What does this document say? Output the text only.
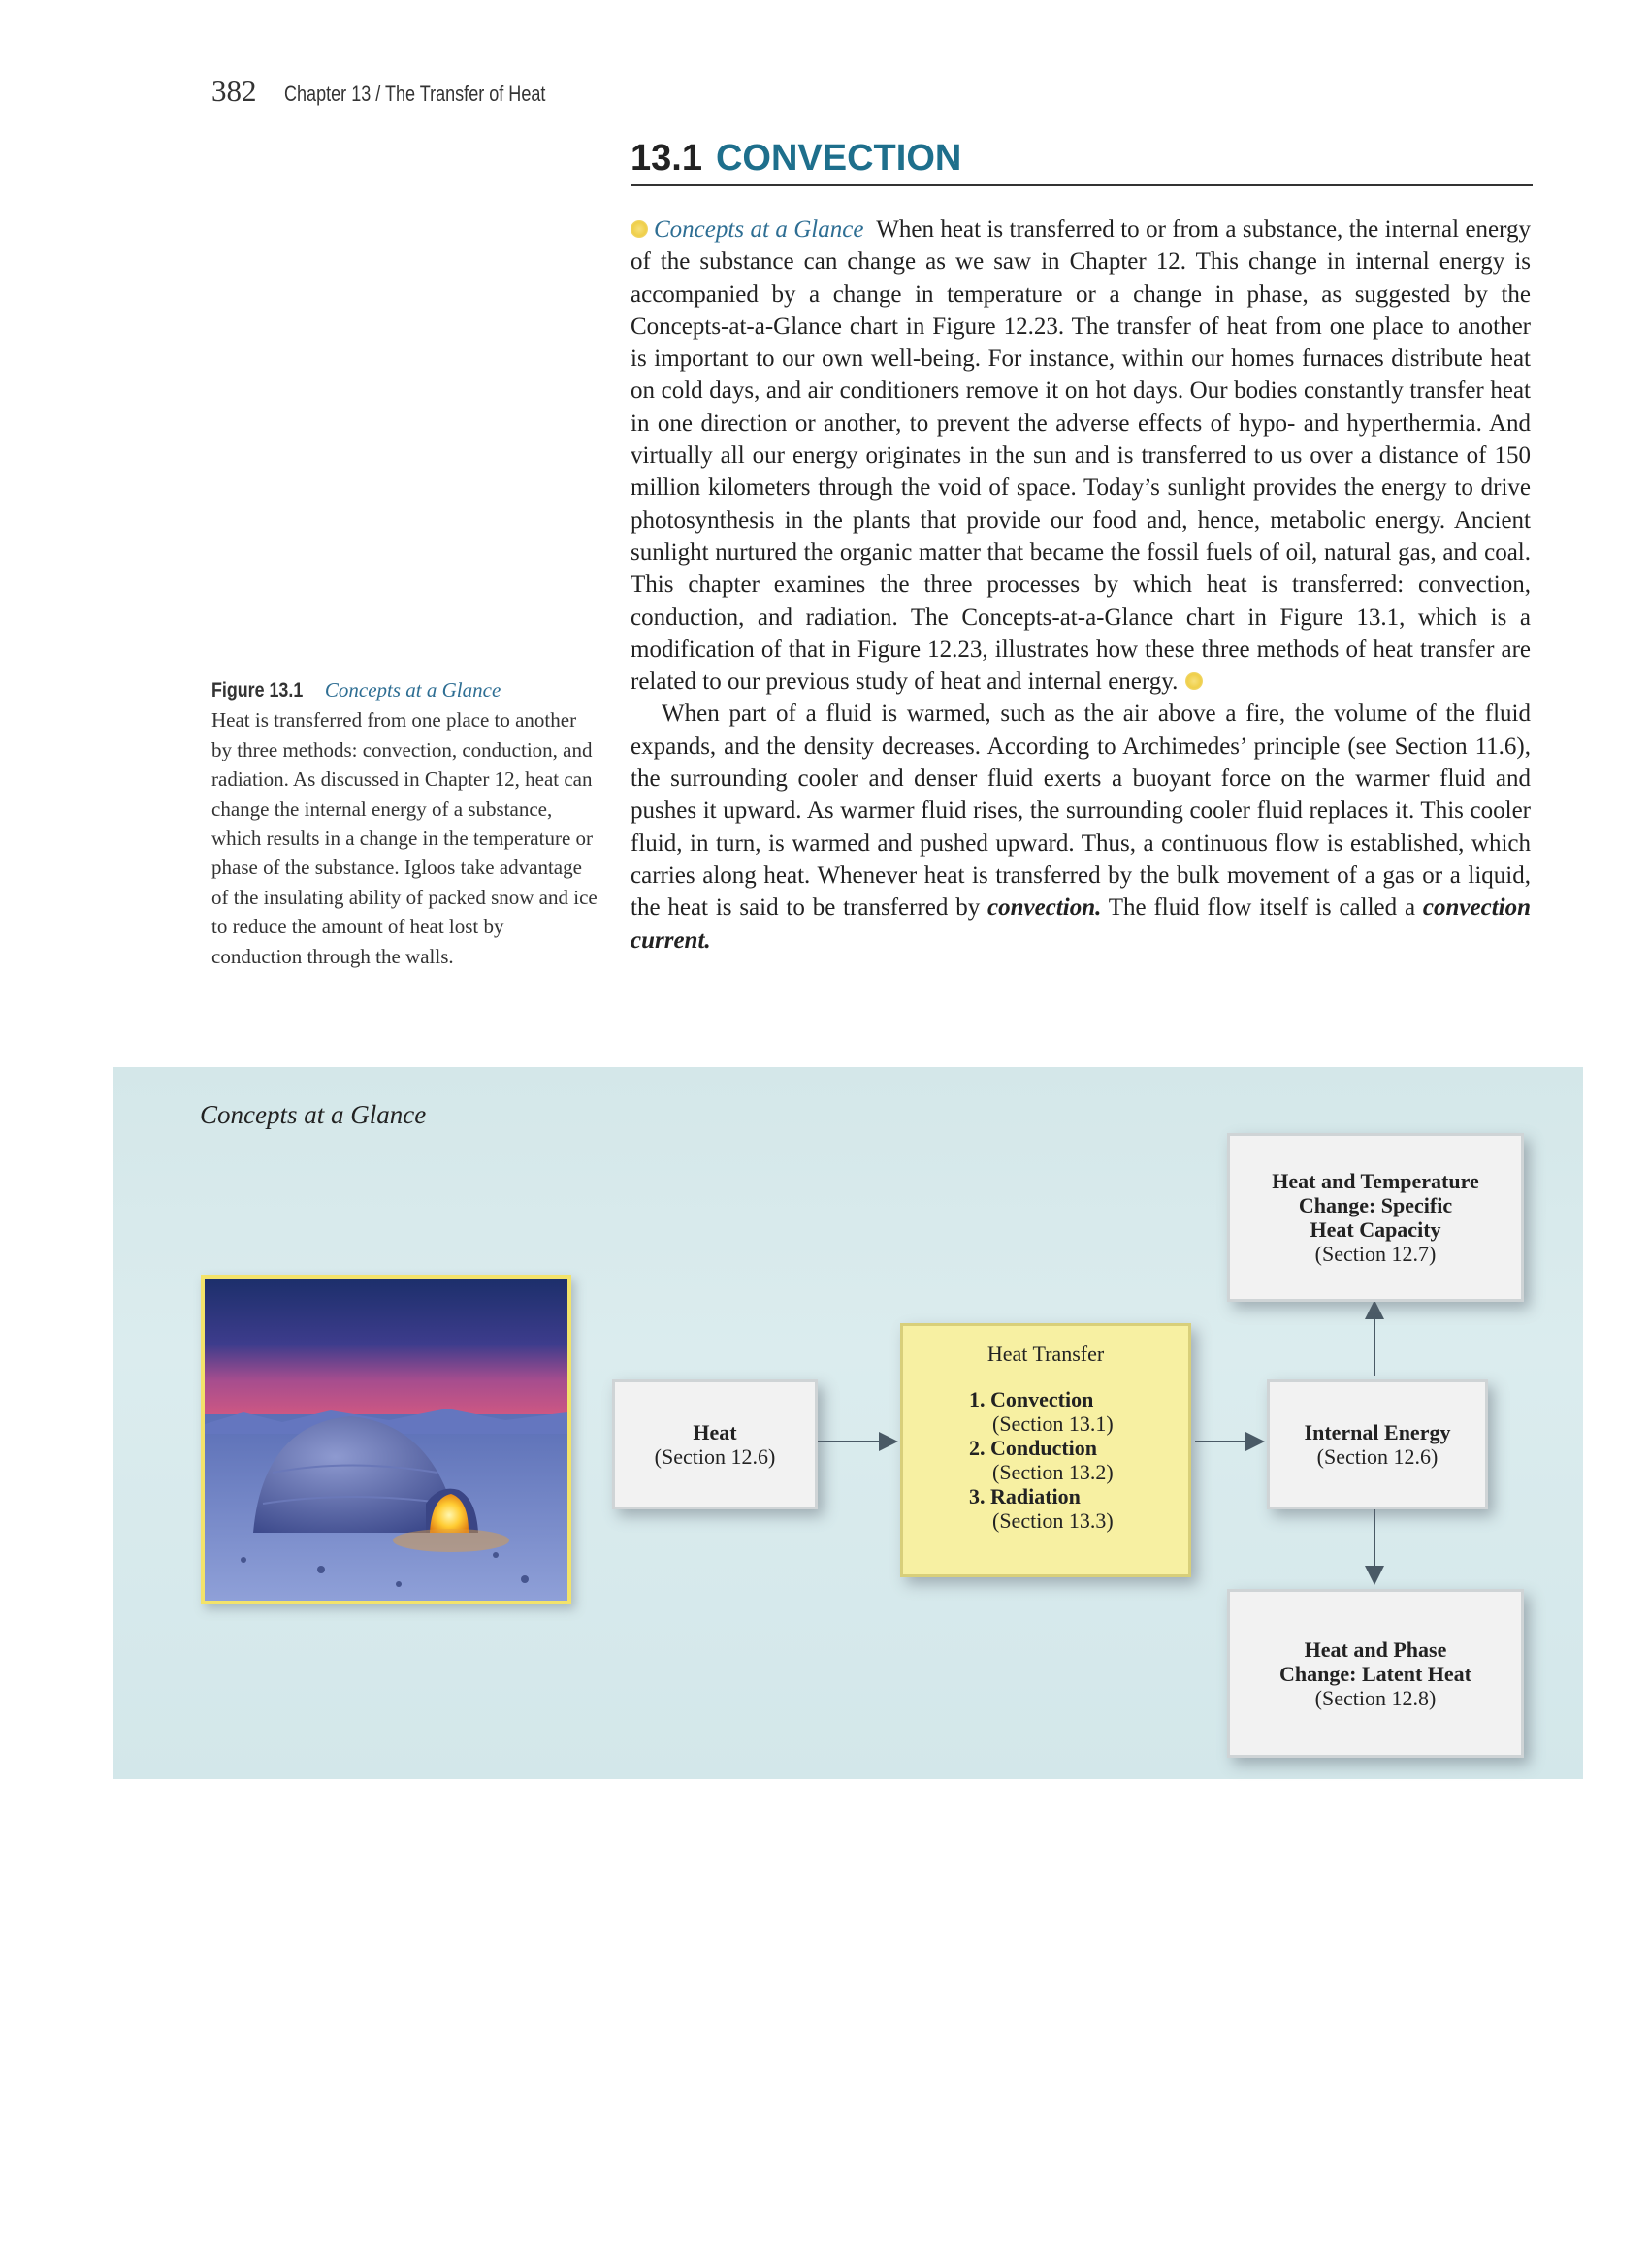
382 Chapter 13 / The Transfer of Heat
13.1 CONVECTION

Concepts at a Glance When heat is transferred to or from a substance, the internal energy of the substance can change as we saw in Chapter 12. This change in internal energy is accompanied by a change in temperature or a change in phase, as suggested by the Concepts-at-a-Glance chart in Figure 12.23. The transfer of heat from one place to another is important to our own well-being. For instance, within our homes furnaces distribute heat on cold days, and air conditioners remove it on hot days. Our bodies constantly transfer heat in one direction or another, to prevent the adverse effects of hypo- and hyperthermia. And virtually all our energy originates in the sun and is transferred to us over a distance of 150 million kilometers through the void of space. Today’s sunlight provides the energy to drive photosynthesis in the plants that provide our food and, hence, metabolic energy. Ancient sunlight nurtured the organic matter that became the fossil fuels of oil, natural gas, and coal. This chapter examines the three processes by which heat is transferred: convection, conduction, and radiation. The Concepts-at-a-Glance chart in Figure 13.1, which is a modification of that in Figure 12.23, illustrates how these three methods of heat transfer are related to our previous study of heat and internal energy.

When part of a fluid is warmed, such as the air above a fire, the volume of the fluid expands, and the density decreases. According to Archimedes’ principle (see Section 11.6), the surrounding cooler and denser fluid exerts a buoyant force on the warmer fluid and pushes it upward. As warmer fluid rises, the surrounding cooler fluid replaces it. This cooler fluid, in turn, is warmed and pushed upward. Thus, a continuous flow is established, which carries along heat. Whenever heat is transferred by the bulk movement of a gas or a liquid, the heat is said to be transferred by convection. The fluid flow itself is called a convection current.

Figure 13.1 Concepts at a Glance
Heat is transferred from one place to another by three methods: convection, conduction, and radiation. As discussed in Chapter 12, heat can change the internal energy of a substance, which results in a change in the temperature or phase of the substance. Igloos take advantage of the insulating ability of packed snow and ice to reduce the amount of heat lost by conduction through the walls.
Concepts at a Glance
Heat
(Section 12.6)
Heat Transfer
1. Convection
(Section 13.1)
2. Conduction
(Section 13.2)
3. Radiation
(Section 13.3)
Internal Energy
(Section 12.6)
Heat and Temperature
Change: Specific
Heat Capacity
(Section 12.7)
Heat and Phase
Change: Latent Heat
(Section 12.8)
